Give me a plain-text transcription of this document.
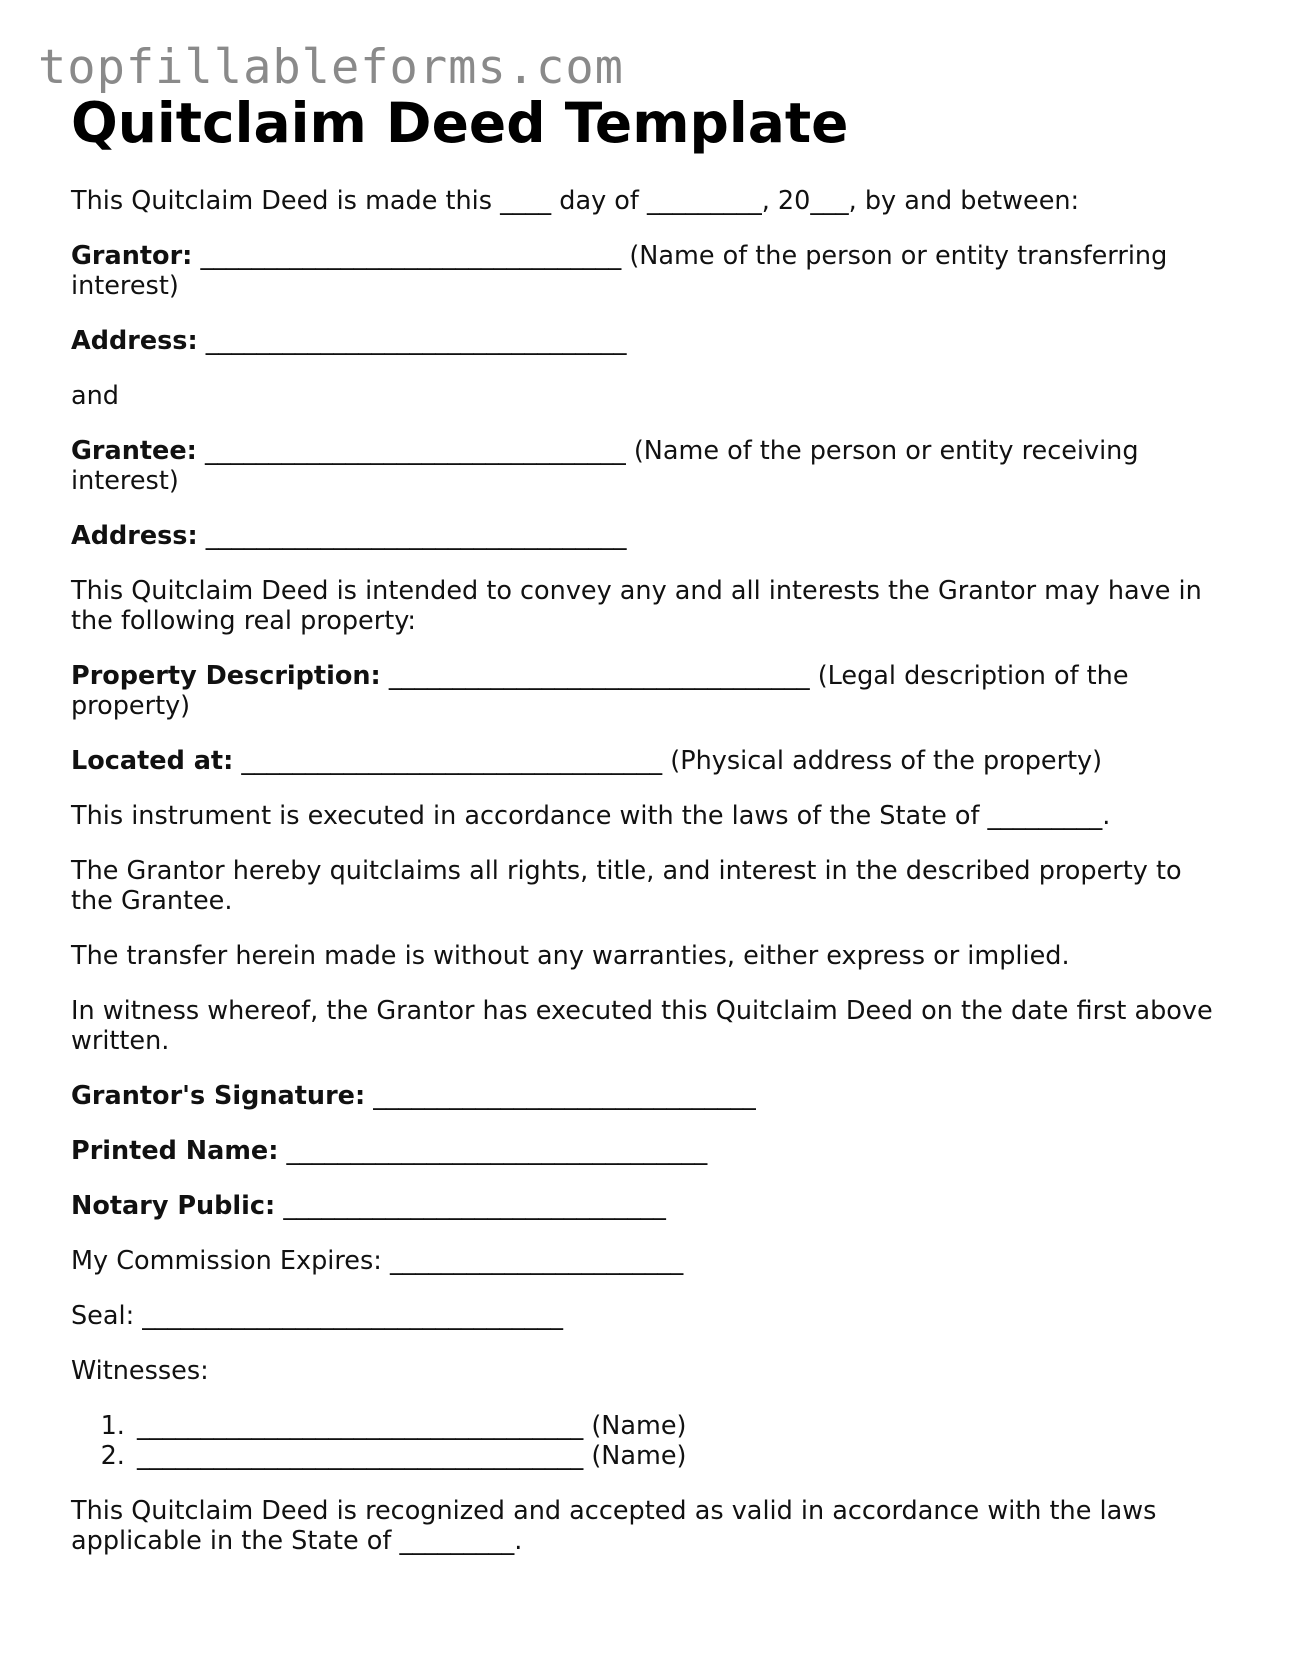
topfillableforms.com
Quitclaim Deed Template

This Quitclaim Deed is made this ____ day of _________, 20___, by and between:

Grantor: _________________________________ (Name of the person or entity transferring interest)

Address: _________________________________

and

Grantee: _________________________________ (Name of the person or entity receiving interest)

Address: _________________________________

This Quitclaim Deed is intended to convey any and all interests the Grantor may have in the following real property:

Property Description: _________________________________ (Legal description of the property)

Located at: _________________________________ (Physical address of the property)

This instrument is executed in accordance with the laws of the State of _________.

The Grantor hereby quitclaims all rights, title, and interest in the described property to the Grantee.

The transfer herein made is without any warranties, either express or implied.

In witness whereof, the Grantor has executed this Quitclaim Deed on the date first above written.

Grantor's Signature: ______________________________

Printed Name: _________________________________

Notary Public: ______________________________

My Commission Expires: _______________________

Seal: _________________________________

Witnesses:

1. ___________________________________ (Name)
2. ___________________________________ (Name)

This Quitclaim Deed is recognized and accepted as valid in accordance with the laws applicable in the State of _________.
